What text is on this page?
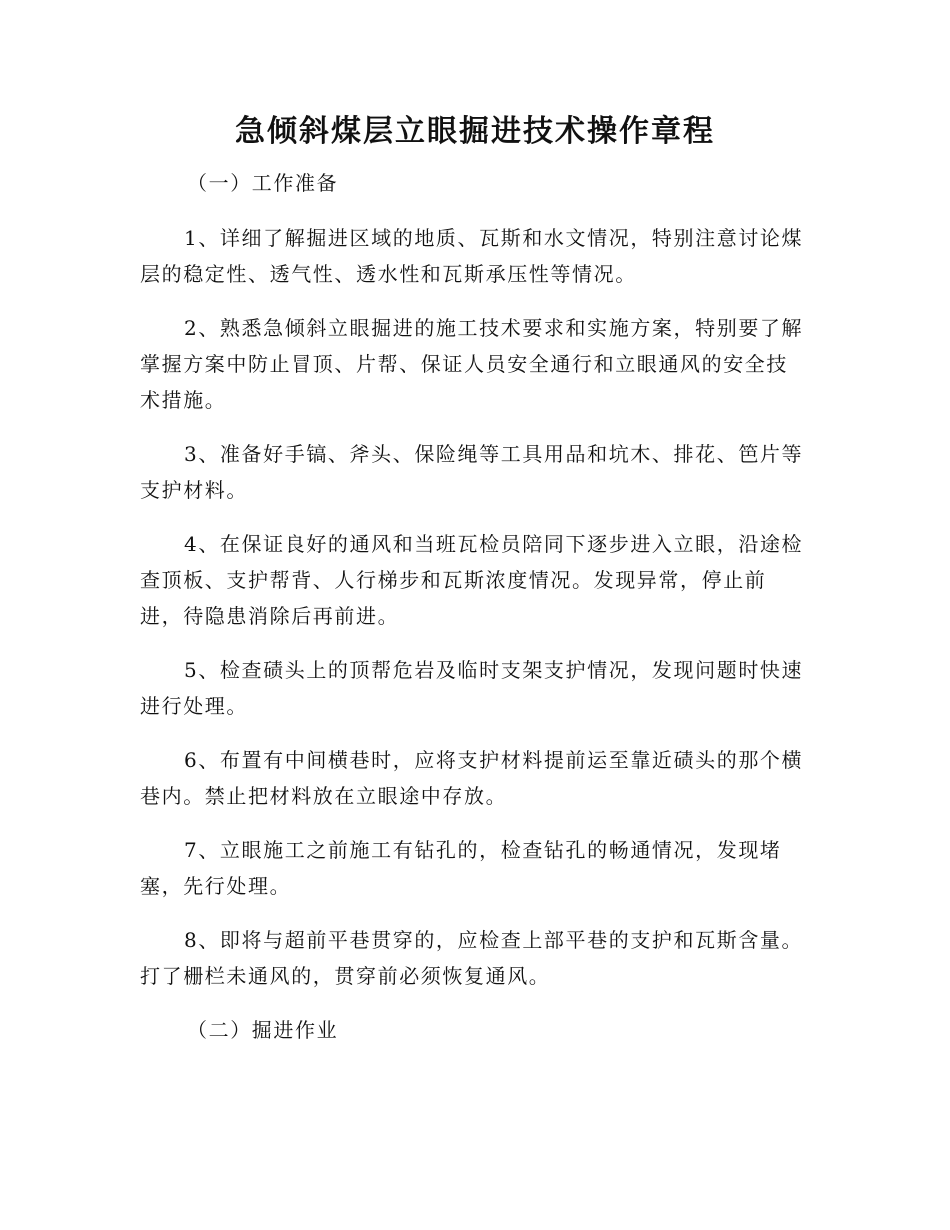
急倾斜煤层立眼掘进技术操作章程

（一）工作准备

1、详细了解掘进区域的地质、瓦斯和水文情况，特别注意讨论煤
层的稳定性、透气性、透水性和瓦斯承压性等情况。
2、熟悉急倾斜立眼掘进的施工技术要求和实施方案，特别要了解
掌握方案中防止冒顶、片帮、保证人员安全通行和立眼通风的安全技
术措施。
3、准备好手镐、斧头、保险绳等工具用品和坑木、排花、笆片等
支护材料。
4、在保证良好的通风和当班瓦检员陪同下逐步进入立眼，沿途检
查顶板、支护帮背、人行梯步和瓦斯浓度情况。发现异常，停止前
进，待隐患消除后再前进。
5、检查碛头上的顶帮危岩及临时支架支护情况，发现问题时快速
进行处理。
6、布置有中间横巷时，应将支护材料提前运至靠近碛头的那个横
巷内。禁止把材料放在立眼途中存放。
7、立眼施工之前施工有钻孔的，检查钻孔的畅通情况，发现堵
塞，先行处理。
8、即将与超前平巷贯穿的，应检查上部平巷的支护和瓦斯含量。
打了栅栏未通风的，贯穿前必须恢复通风。

（二）掘进作业
